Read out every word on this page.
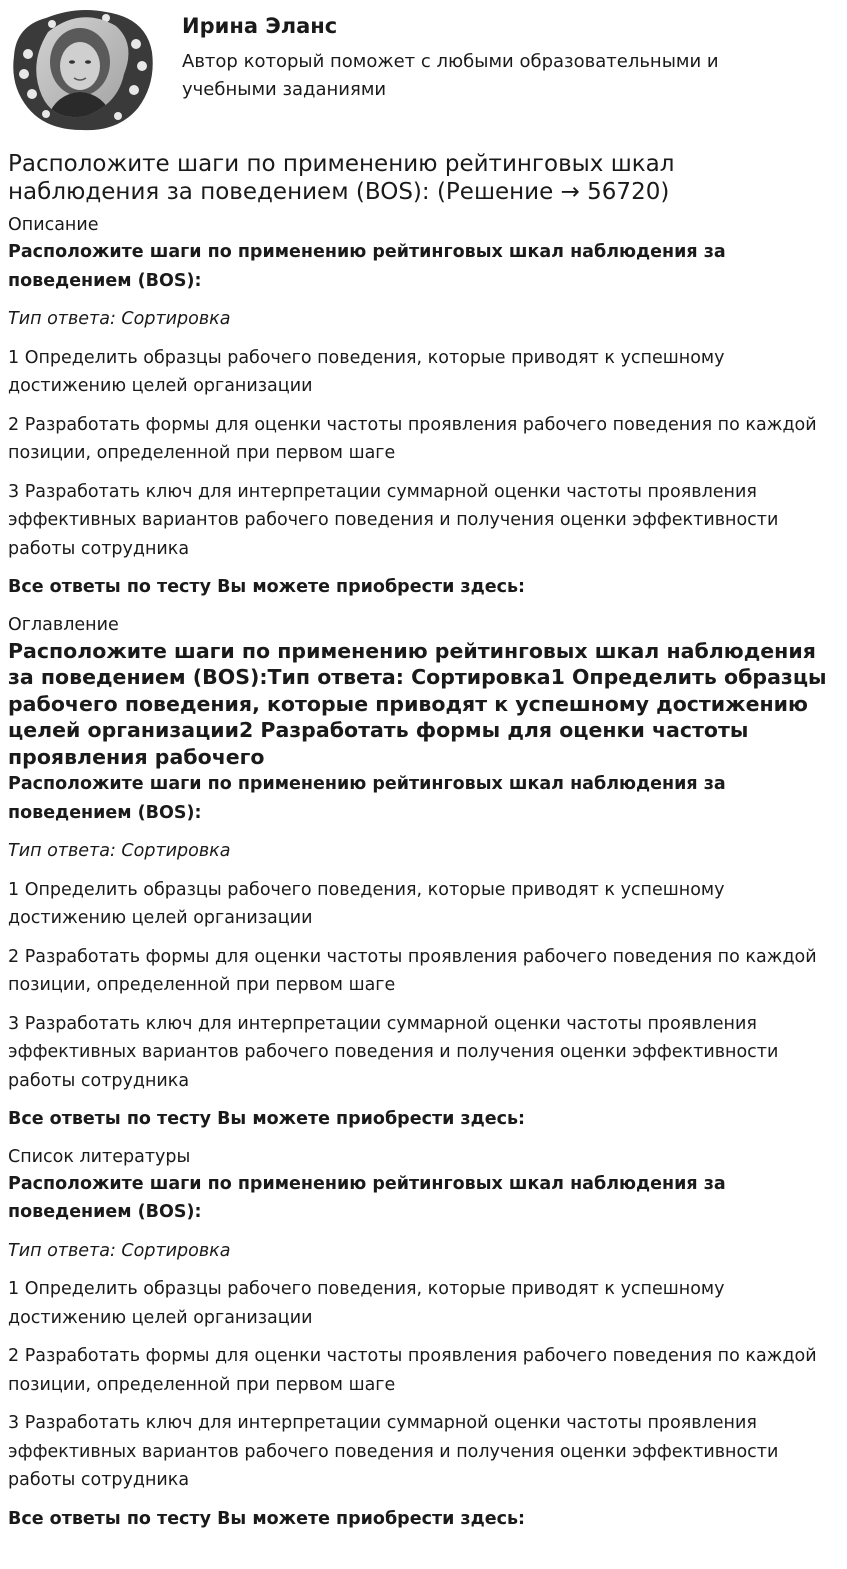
Ирина Эланс

Автор который поможет с любыми образовательными и учебными заданиями

Расположите шаги по применению рейтинговых шкал наблюдения за поведением (BOS): (Решение → 56720)

Описание

Расположите шаги по применению рейтинговых шкал наблюдения за поведением (BOS):

Тип ответа: Сортировка

1 Определить образцы рабочего поведения, которые приводят к успешному достижению целей организации

2 Разработать формы для оценки частоты проявления рабочего поведения по каждой позиции, определенной при первом шаге

3 Разработать ключ для интерпретации суммарной оценки частоты проявления эффективных вариантов рабочего поведения и получения оценки эффективности работы сотрудника

Все ответы по тесту Вы можете приобрести здесь:

Оглавление

Расположите шаги по применению рейтинговых шкал наблюдения за поведением (BOS):Тип ответа: Сортировка1 Определить образцы рабочего поведения, которые приводят к успешному достижению целей организации2 Разработать формы для оценки частоты проявления рабочего

Расположите шаги по применению рейтинговых шкал наблюдения за поведением (BOS):

Тип ответа: Сортировка

1 Определить образцы рабочего поведения, которые приводят к успешному достижению целей организации

2 Разработать формы для оценки частоты проявления рабочего поведения по каждой позиции, определенной при первом шаге

3 Разработать ключ для интерпретации суммарной оценки частоты проявления эффективных вариантов рабочего поведения и получения оценки эффективности работы сотрудника

Все ответы по тесту Вы можете приобрести здесь:

Список литературы

Расположите шаги по применению рейтинговых шкал наблюдения за поведением (BOS):

Тип ответа: Сортировка

1 Определить образцы рабочего поведения, которые приводят к успешному достижению целей организации

2 Разработать формы для оценки частоты проявления рабочего поведения по каждой позиции, определенной при первом шаге

3 Разработать ключ для интерпретации суммарной оценки частоты проявления эффективных вариантов рабочего поведения и получения оценки эффективности работы сотрудника

Все ответы по тесту Вы можете приобрести здесь:
